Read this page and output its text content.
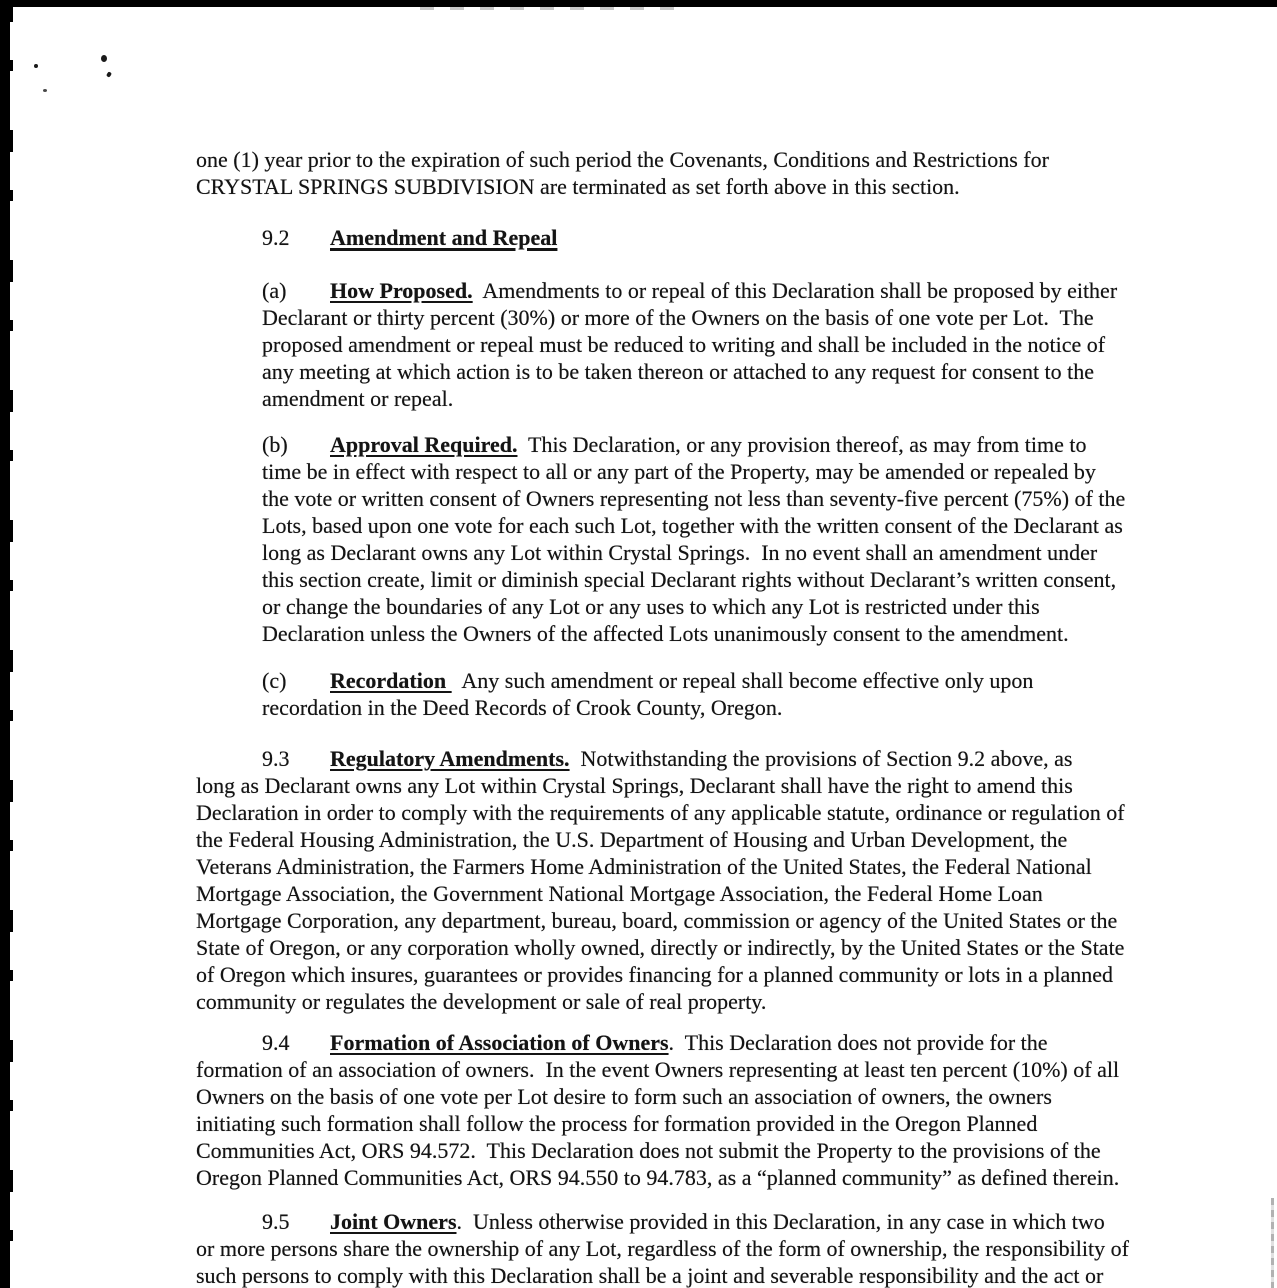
one (1) year prior to the expiration of such period the Covenants, Conditions and Restrictions for
CRYSTAL SPRINGS SUBDIVISION are terminated as set forth above in this section.
9.2 Amendment and Repeal
(a) How Proposed.  Amendments to or repeal of this Declaration shall be proposed by either
Declarant or thirty percent (30%) or more of the Owners on the basis of one vote per Lot.  The
proposed amendment or repeal must be reduced to writing and shall be included in the notice of
any meeting at which action is to be taken thereon or attached to any request for consent to the
amendment or repeal.
(b) Approval Required.  This Declaration, or any provision thereof, as may from time to
time be in effect with respect to all or any part of the Property, may be amended or repealed by
the vote or written consent of Owners representing not less than seventy-five percent (75%) of the
Lots, based upon one vote for each such Lot, together with the written consent of the Declarant as
long as Declarant owns any Lot within Crystal Springs.  In no event shall an amendment under
this section create, limit or diminish special Declarant rights without Declarant’s written consent,
or change the boundaries of any Lot or any uses to which any Lot is restricted under this
Declaration unless the Owners of the affected Lots unanimously consent to the amendment.
(c) Recordation   Any such amendment or repeal shall become effective only upon
recordation in the Deed Records of Crook County, Oregon.
9.3 Regulatory Amendments.  Notwithstanding the provisions of Section 9.2 above, as
long as Declarant owns any Lot within Crystal Springs, Declarant shall have the right to amend this
Declaration in order to comply with the requirements of any applicable statute, ordinance or regulation of
the Federal Housing Administration, the U.S. Department of Housing and Urban Development, the
Veterans Administration, the Farmers Home Administration of the United States, the Federal National
Mortgage Association, the Government National Mortgage Association, the Federal Home Loan
Mortgage Corporation, any department, bureau, board, commission or agency of the United States or the
State of Oregon, or any corporation wholly owned, directly or indirectly, by the United States or the State
of Oregon which insures, guarantees or provides financing for a planned community or lots in a planned
community or regulates the development or sale of real property.
9.4 Formation of Association of Owners.  This Declaration does not provide for the
formation of an association of owners.  In the event Owners representing at least ten percent (10%) of all
Owners on the basis of one vote per Lot desire to form such an association of owners, the owners
initiating such formation shall follow the process for formation provided in the Oregon Planned
Communities Act, ORS 94.572.  This Declaration does not submit the Property to the provisions of the
Oregon Planned Communities Act, ORS 94.550 to 94.783, as a “planned community” as defined therein.
9.5 Joint Owners.  Unless otherwise provided in this Declaration, in any case in which two
or more persons share the ownership of any Lot, regardless of the form of ownership, the responsibility of
such persons to comply with this Declaration shall be a joint and severable responsibility and the act or
